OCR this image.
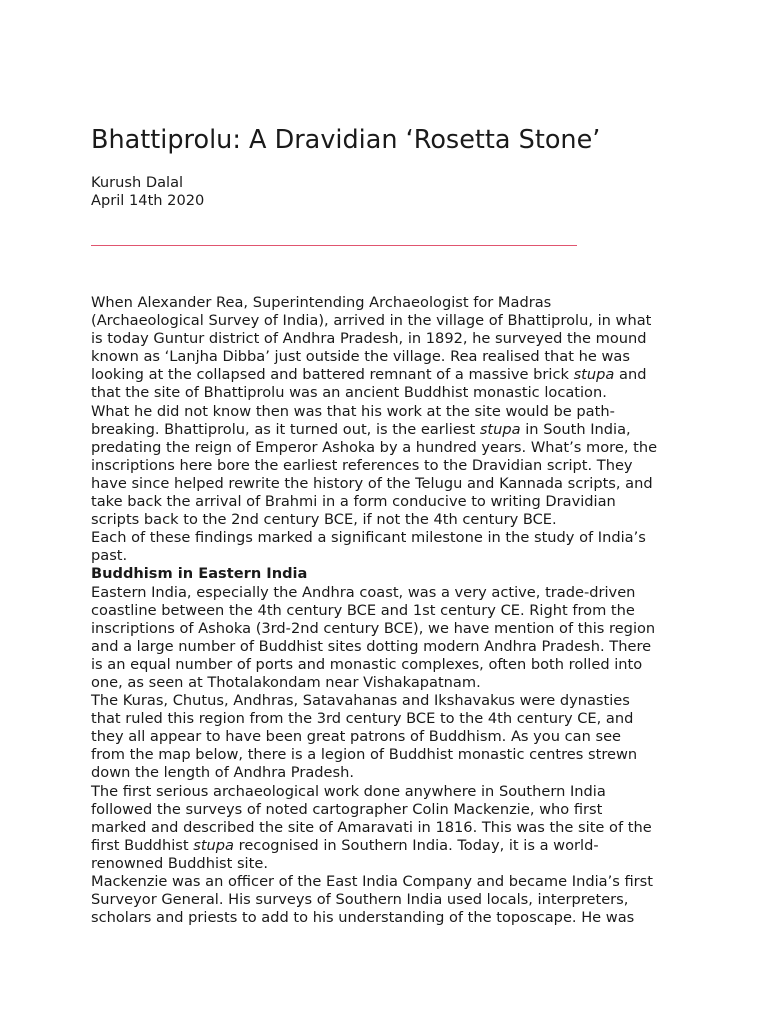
Bhattiprolu: A Dravidian ‘Rosetta Stone’
Kurush Dalal
April 14th 2020
When Alexander Rea, Superintending Archaeologist for Madras
(Archaeological Survey of India), arrived in the village of Bhattiprolu, in what
is today Guntur district of Andhra Pradesh, in 1892, he surveyed the mound
known as ‘Lanjha Dibba’ just outside the village. Rea realised that he was
looking at the collapsed and battered remnant of a massive brick stupa and
that the site of Bhattiprolu was an ancient Buddhist monastic location.
What he did not know then was that his work at the site would be path-
breaking. Bhattiprolu, as it turned out, is the earliest stupa in South India,
predating the reign of Emperor Ashoka by a hundred years. What’s more, the
inscriptions here bore the earliest references to the Dravidian script. They
have since helped rewrite the history of the Telugu and Kannada scripts, and
take back the arrival of Brahmi in a form conducive to writing Dravidian
scripts back to the 2nd century BCE, if not the 4th century BCE.
Each of these findings marked a significant milestone in the study of India’s
past.
Buddhism in Eastern India
Eastern India, especially the Andhra coast, was a very active, trade-driven
coastline between the 4th century BCE and 1st century CE. Right from the
inscriptions of Ashoka (3rd-2nd century BCE), we have mention of this region
and a large number of Buddhist sites dotting modern Andhra Pradesh. There
is an equal number of ports and monastic complexes, often both rolled into
one, as seen at Thotalakondam near Vishakapatnam.
The Kuras, Chutus, Andhras, Satavahanas and Ikshavakus were dynasties
that ruled this region from the 3rd century BCE to the 4th century CE, and
they all appear to have been great patrons of Buddhism. As you can see
from the map below, there is a legion of Buddhist monastic centres strewn
down the length of Andhra Pradesh.
The first serious archaeological work done anywhere in Southern India
followed the surveys of noted cartographer Colin Mackenzie, who first
marked and described the site of Amaravati in 1816. This was the site of the
first Buddhist stupa recognised in Southern India. Today, it is a world-
renowned Buddhist site.
Mackenzie was an officer of the East India Company and became India’s first
Surveyor General. His surveys of Southern India used locals, interpreters,
scholars and priests to add to his understanding of the toposcape. He was
